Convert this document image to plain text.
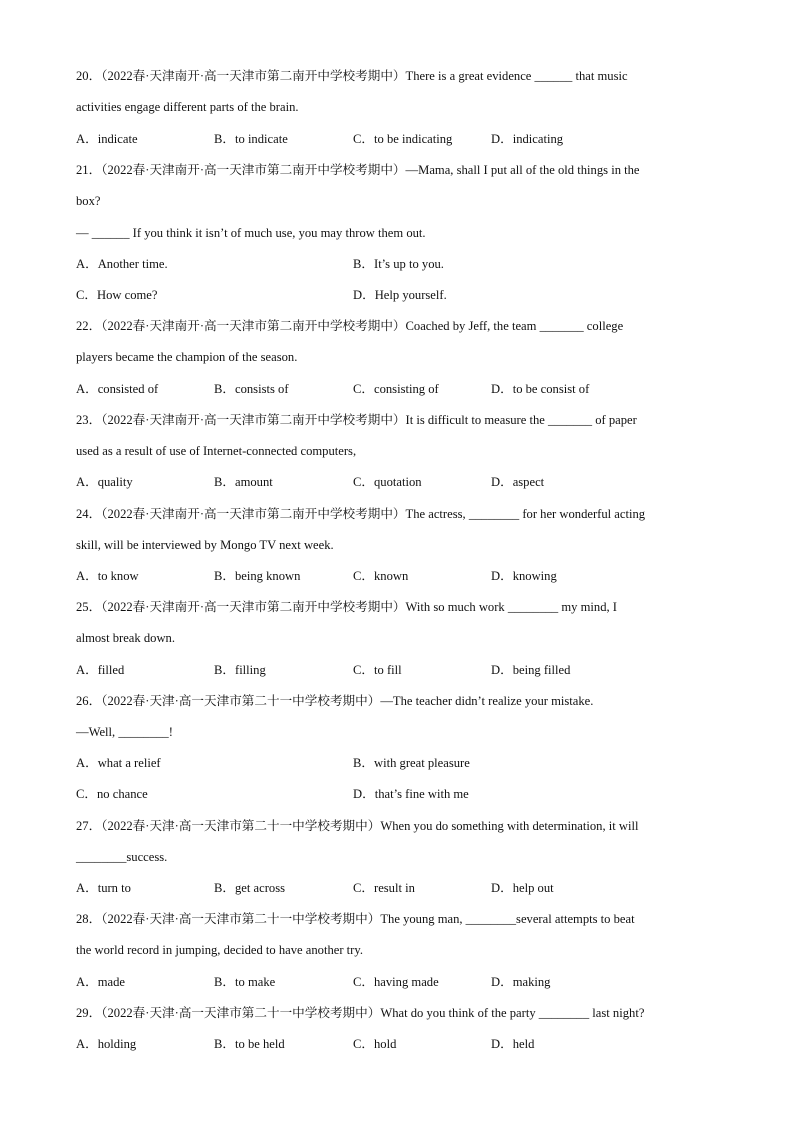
20．（2022春·天津南开·高一天津市第二南开中学校考期中）There is a great evidence ______ that music
activities engage different parts of the brain.
A．indicate	B．to indicate	C．to be indicating	D．indicating
21．（2022春·天津南开·高一天津市第二南开中学校考期中）—Mama, shall I put all of the old things in the
box?
— ______ If you think it isn’t of much use, you may throw them out.
A．Another time.	B．It’s up to you.
C．How come?	D．Help yourself.
22．（2022春·天津南开·高一天津市第二南开中学校考期中）Coached by Jeff, the team _______ college
players became the champion of the season.
A．consisted of	B．consists of	C．consisting of	D．to be consist of
23．（2022春·天津南开·高一天津市第二南开中学校考期中）It is difficult to measure the _______ of paper
used as a result of use of Internet-connected computers,
A．quality	B．amount	C．quotation	D．aspect
24．（2022春·天津南开·高一天津市第二南开中学校考期中）The actress, ________ for her wonderful acting
skill, will be interviewed by Mongo TV next week.
A．to know	B．being known	C．known	D．knowing
25．（2022春·天津南开·高一天津市第二南开中学校考期中）With so much work ________ my mind, I
almost break down.
A．filled	B．filling	C．to fill	D．being filled
26．（2022春·天津·高一天津市第二十一中学校考期中）—The teacher didn’t realize your mistake.
—Well, ________!
A．what a relief	B．with great pleasure
C．no chance	D．that’s fine with me
27．（2022春·天津·高一天津市第二十一中学校考期中）When you do something with determination, it will
________success.
A．turn to	B．get across	C．result in	D．help out
28．（2022春·天津·高一天津市第二十一中学校考期中）The young man, ________several attempts to beat
the world record in jumping, decided to have another try.
A．made	B．to make	C．having made	D．making
29．（2022春·天津·高一天津市第二十一中学校考期中）What do you think of the party ________ last night?
A．holding	B．to be held	C．hold	D．held
